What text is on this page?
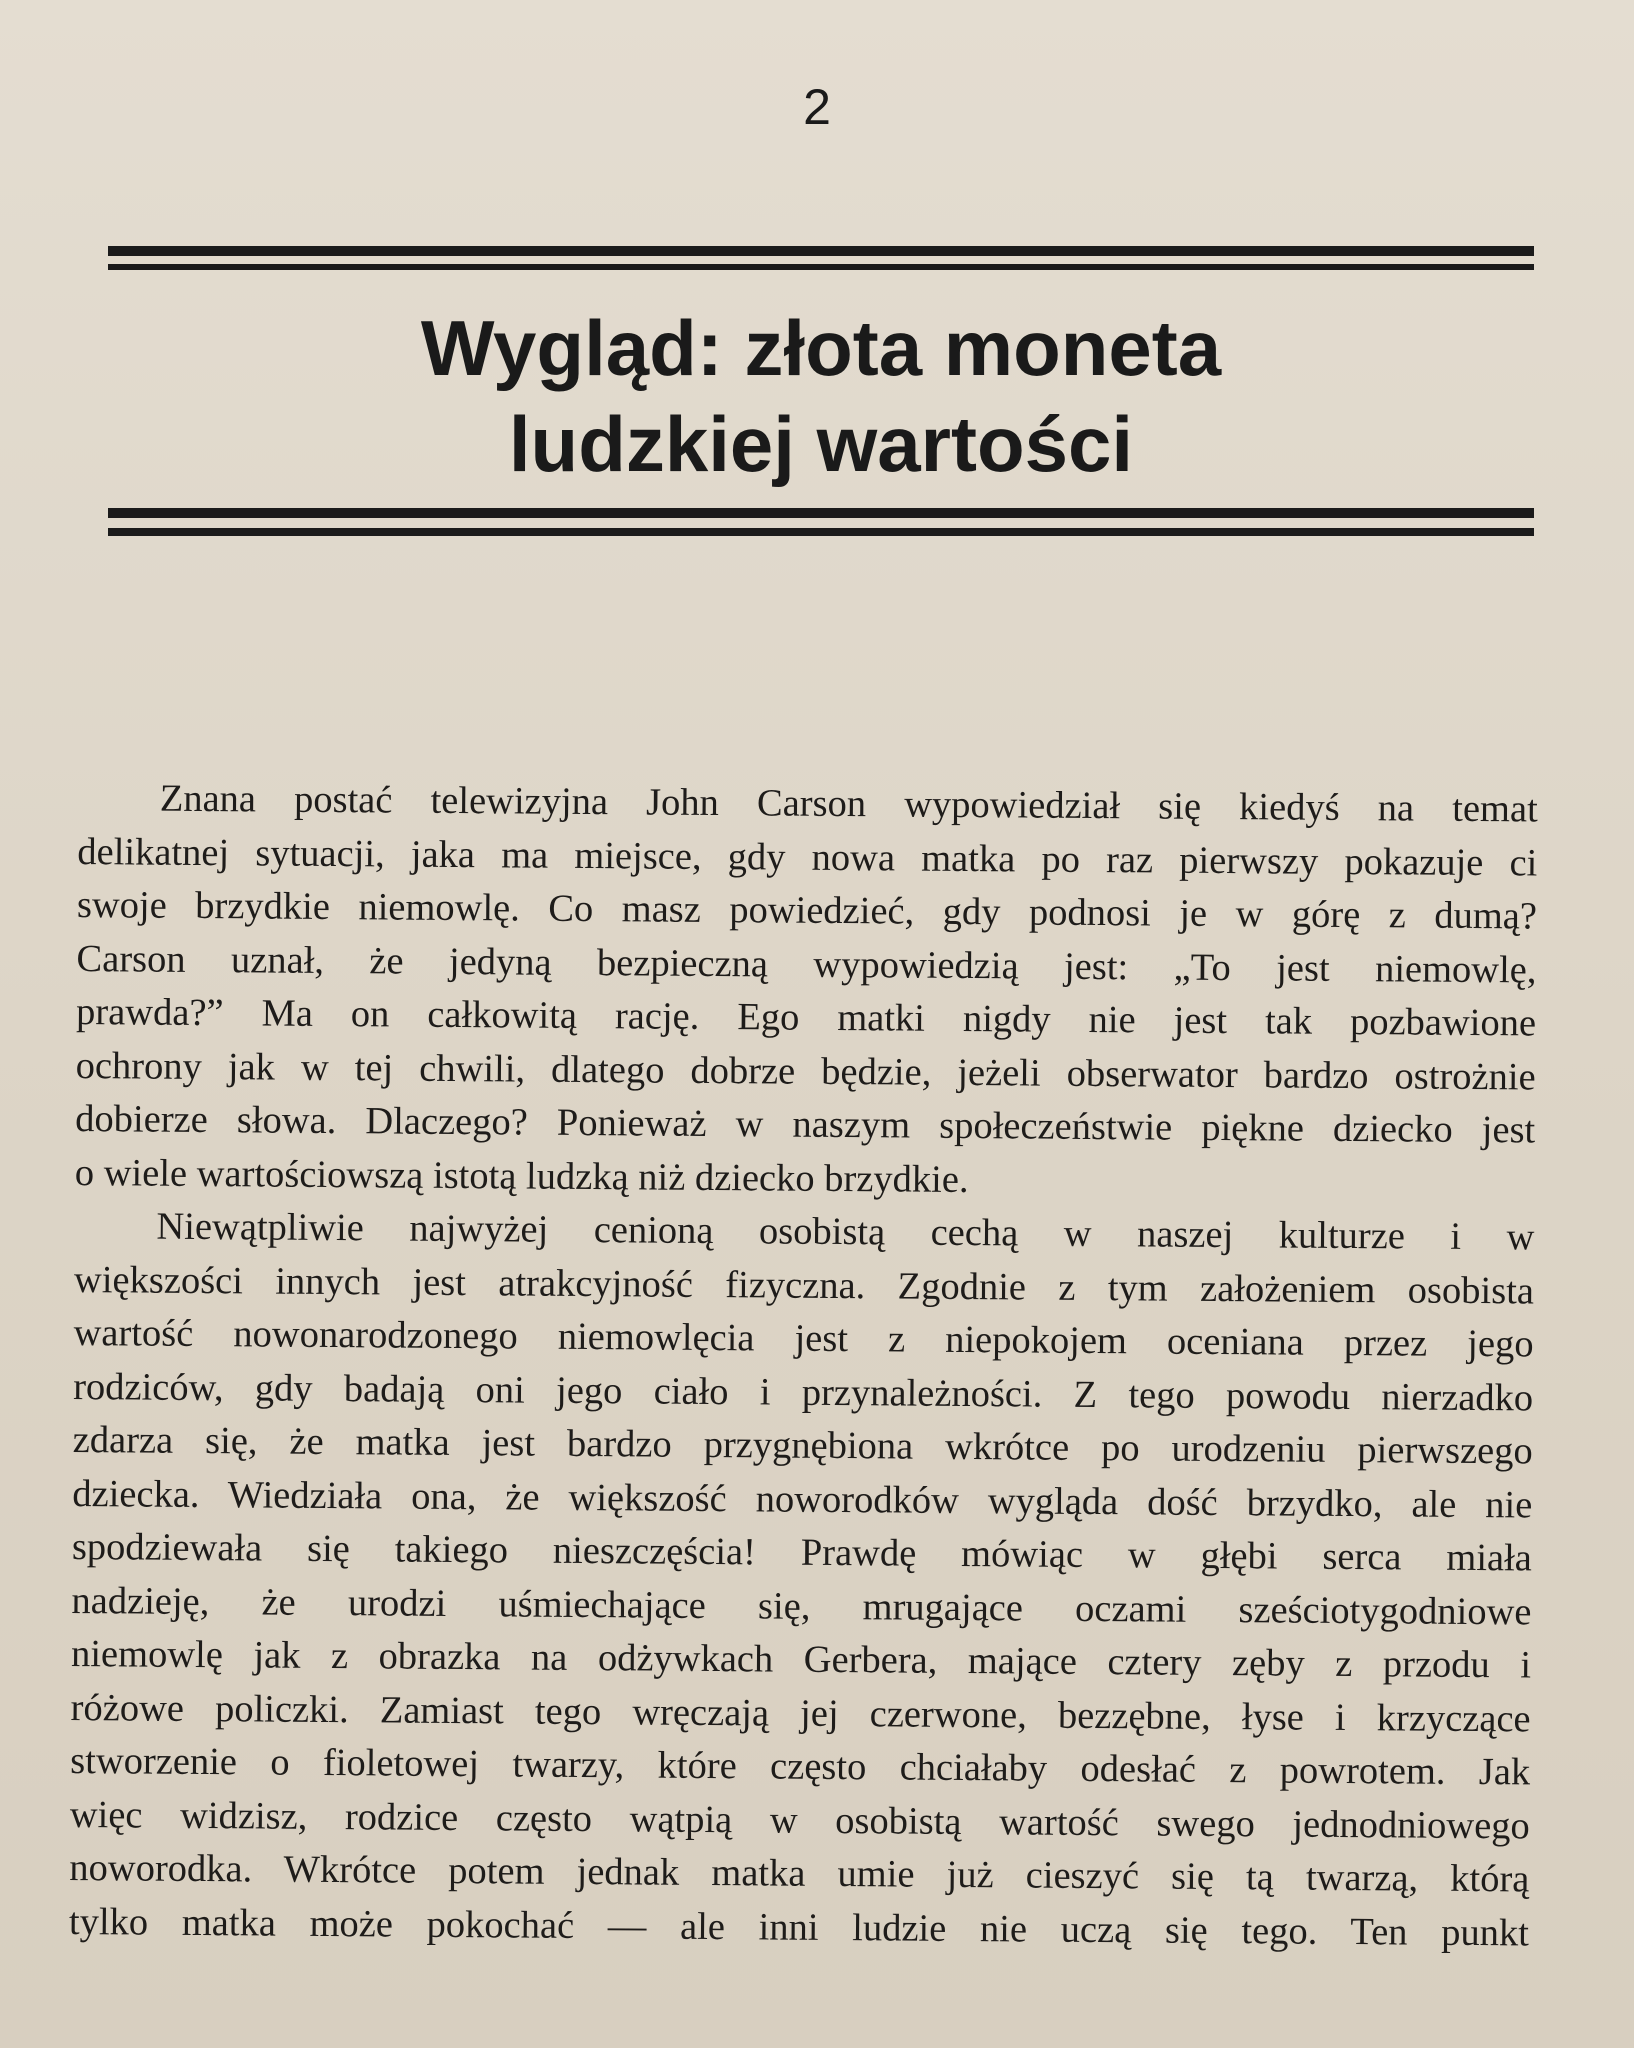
2
Wygląd: złota moneta
ludzkiej wartości
Znana postać telewizyjna John Carson wypowiedział się kiedyś na temat
delikatnej sytuacji, jaka ma miejsce, gdy nowa matka po raz pierwszy pokazuje ci
swoje brzydkie niemowlę. Co masz powiedzieć, gdy podnosi je w górę z dumą?
Carson uznał, że jedyną bezpieczną wypowiedzią jest: „To jest niemowlę,
prawda?” Ma on całkowitą rację. Ego matki nigdy nie jest tak pozbawione
ochrony jak w tej chwili, dlatego dobrze będzie, jeżeli obserwator bardzo ostrożnie
dobierze słowa. Dlaczego? Ponieważ w naszym społeczeństwie piękne dziecko jest
o wiele wartościowszą istotą ludzką niż dziecko brzydkie.
Niewątpliwie najwyżej cenioną osobistą cechą w naszej kulturze i w
większości innych jest atrakcyjność fizyczna. Zgodnie z tym założeniem osobista
wartość nowonarodzonego niemowlęcia jest z niepokojem oceniana przez jego
rodziców, gdy badają oni jego ciało i przynależności. Z tego powodu nierzadko
zdarza się, że matka jest bardzo przygnębiona wkrótce po urodzeniu pierwszego
dziecka. Wiedziała ona, że większość noworodków wygląda dość brzydko, ale nie
spodziewała się takiego nieszczęścia! Prawdę mówiąc w głębi serca miała
nadzieję, że urodzi uśmiechające się, mrugające oczami sześciotygodniowe
niemowlę jak z obrazka na odżywkach Gerbera, mające cztery zęby z przodu i
różowe policzki. Zamiast tego wręczają jej czerwone, bezzębne, łyse i krzyczące
stworzenie o fioletowej twarzy, które często chciałaby odesłać z powrotem. Jak
więc widzisz, rodzice często wątpią w osobistą wartość swego jednodniowego
noworodka. Wkrótce potem jednak matka umie już cieszyć się tą twarzą, którą
tylko matka może pokochać — ale inni ludzie nie uczą się tego. Ten punkt
